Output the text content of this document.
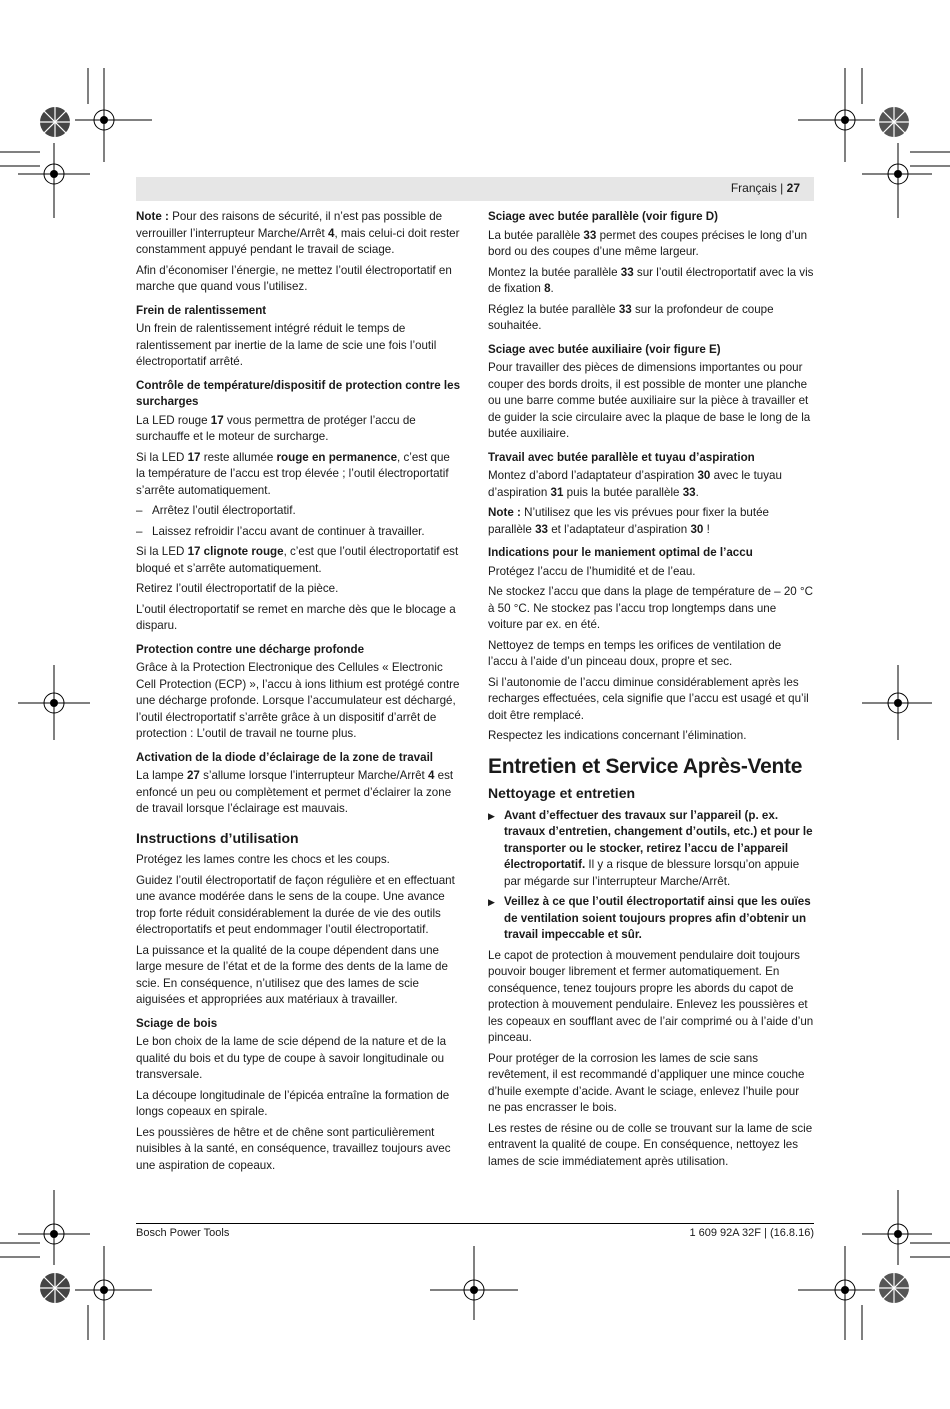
Français | 27

Note : Pour des raisons de sécurité, il n’est pas possible de verrouiller l’interrupteur Marche/Arrêt 4, mais celui-ci doit rester constamment appuyé pendant le travail de sciage.

Afin d’économiser l’énergie, ne mettez l’outil électroportatif en marche que quand vous l’utilisez.

Frein de ralentissement

Un frein de ralentissement intégré réduit le temps de ralentissement par inertie de la lame de scie une fois l’outil électroportatif arrêté.

Contrôle de température/dispositif de protection contre les surcharges

La LED rouge 17 vous permettra de protéger l’accu de surchauffe et le moteur de surcharge.

Si la LED 17 reste allumée rouge en permanence, c’est que la température de l’accu est trop élevée ; l’outil électroportatif s’arrête automatiquement.

– Arrêtez l’outil électroportatif.

– Laissez refroidir l’accu avant de continuer à travailler.

Si la LED 17 clignote rouge, c’est que l’outil électroportatif est bloqué et s’arrête automatiquement.

Retirez l’outil électroportatif de la pièce.

L’outil électroportatif se remet en marche dès que le blocage a disparu.

Protection contre une décharge profonde

Grâce à la Protection Electronique des Cellules « Electronic Cell Protection (ECP) », l’accu à ions lithium est protégé contre une décharge profonde. Lorsque l’accumulateur est déchargé, l’outil électroportatif s’arrête grâce à un dispositif d’arrêt de protection : L’outil de travail ne tourne plus.

Activation de la diode d’éclairage de la zone de travail

La lampe 27 s’allume lorsque l’interrupteur Marche/Arrêt 4 est enfoncé un peu ou complètement et permet d’éclairer la zone de travail lorsque l’éclairage est mauvais.

Instructions d’utilisation

Protégez les lames contre les chocs et les coups.

Guidez l’outil électroportatif de façon régulière et en effectuant une avance modérée dans le sens de la coupe. Une avance trop forte réduit considérablement la durée de vie des outils électroportatifs et peut endommager l’outil électroportatif.

La puissance et la qualité de la coupe dépendent dans une large mesure de l’état et de la forme des dents de la lame de scie. En conséquence, n’utilisez que des lames de scie aiguisées et appropriées aux matériaux à travailler.

Sciage de bois

Le bon choix de la lame de scie dépend de la nature et de la qualité du bois et du type de coupe à savoir longitudinale ou transversale.

La découpe longitudinale de l’épicéa entraîne la formation de longs copeaux en spirale.

Les poussières de hêtre et de chêne sont particulièrement nuisibles à la santé, en conséquence, travaillez toujours avec une aspiration de copeaux.

Sciage avec butée parallèle (voir figure D)

La butée parallèle 33 permet des coupes précises le long d’un bord ou des coupes d’une même largeur.

Montez la butée parallèle 33 sur l’outil électroportatif avec la vis de fixation 8.

Réglez la butée parallèle 33 sur la profondeur de coupe souhaitée.

Sciage avec butée auxiliaire (voir figure E)

Pour travailler des pièces de dimensions importantes ou pour couper des bords droits, il est possible de monter une planche ou une barre comme butée auxiliaire sur la pièce à travailler et de guider la scie circulaire avec la plaque de base le long de la butée auxiliaire.

Travail avec butée parallèle et tuyau d’aspiration

Montez d’abord l’adaptateur d’aspiration 30 avec le tuyau d’aspiration 31 puis la butée parallèle 33.

Note : N’utilisez que les vis prévues pour fixer la butée parallèle 33 et l’adaptateur d’aspiration 30 !

Indications pour le maniement optimal de l’accu

Protégez l’accu de l’humidité et de l’eau.

Ne stockez l’accu que dans la plage de température de – 20 °C à 50 °C. Ne stockez pas l’accu trop longtemps dans une voiture par ex. en été.

Nettoyez de temps en temps les orifices de ventilation de l’accu à l’aide d’un pinceau doux, propre et sec.

Si l’autonomie de l’accu diminue considérablement après les recharges effectuées, cela signifie que l’accu est usagé et qu’il doit être remplacé.

Respectez les indications concernant l’élimination.

Entretien et Service Après-Vente
Nettoyage et entretien

▶ Avant d’effectuer des travaux sur l’appareil (p. ex. travaux d’entretien, changement d’outils, etc.) et pour le transporter ou le stocker, retirez l’accu de l’appareil électroportatif. Il y a risque de blessure lorsqu’on appuie par mégarde sur l’interrupteur Marche/Arrêt.

▶ Veillez à ce que l’outil électroportatif ainsi que les ouïes de ventilation soient toujours propres afin d’obtenir un travail impeccable et sûr.

Le capot de protection à mouvement pendulaire doit toujours pouvoir bouger librement et fermer automatiquement. En conséquence, tenez toujours propre les abords du capot de protection à mouvement pendulaire. Enlevez les poussières et les copeaux en soufflant avec de l’air comprimé ou à l’aide d’un pinceau.

Pour protéger de la corrosion les lames de scie sans revêtement, il est recommandé d’appliquer une mince couche d’huile exempte d’acide. Avant le sciage, enlevez l’huile pour ne pas encrasser le bois.

Les restes de résine ou de colle se trouvant sur la lame de scie entravent la qualité de coupe. En conséquence, nettoyez les lames de scie immédiatement après utilisation.

Bosch Power Tools	1 609 92A 32F | (16.8.16)
